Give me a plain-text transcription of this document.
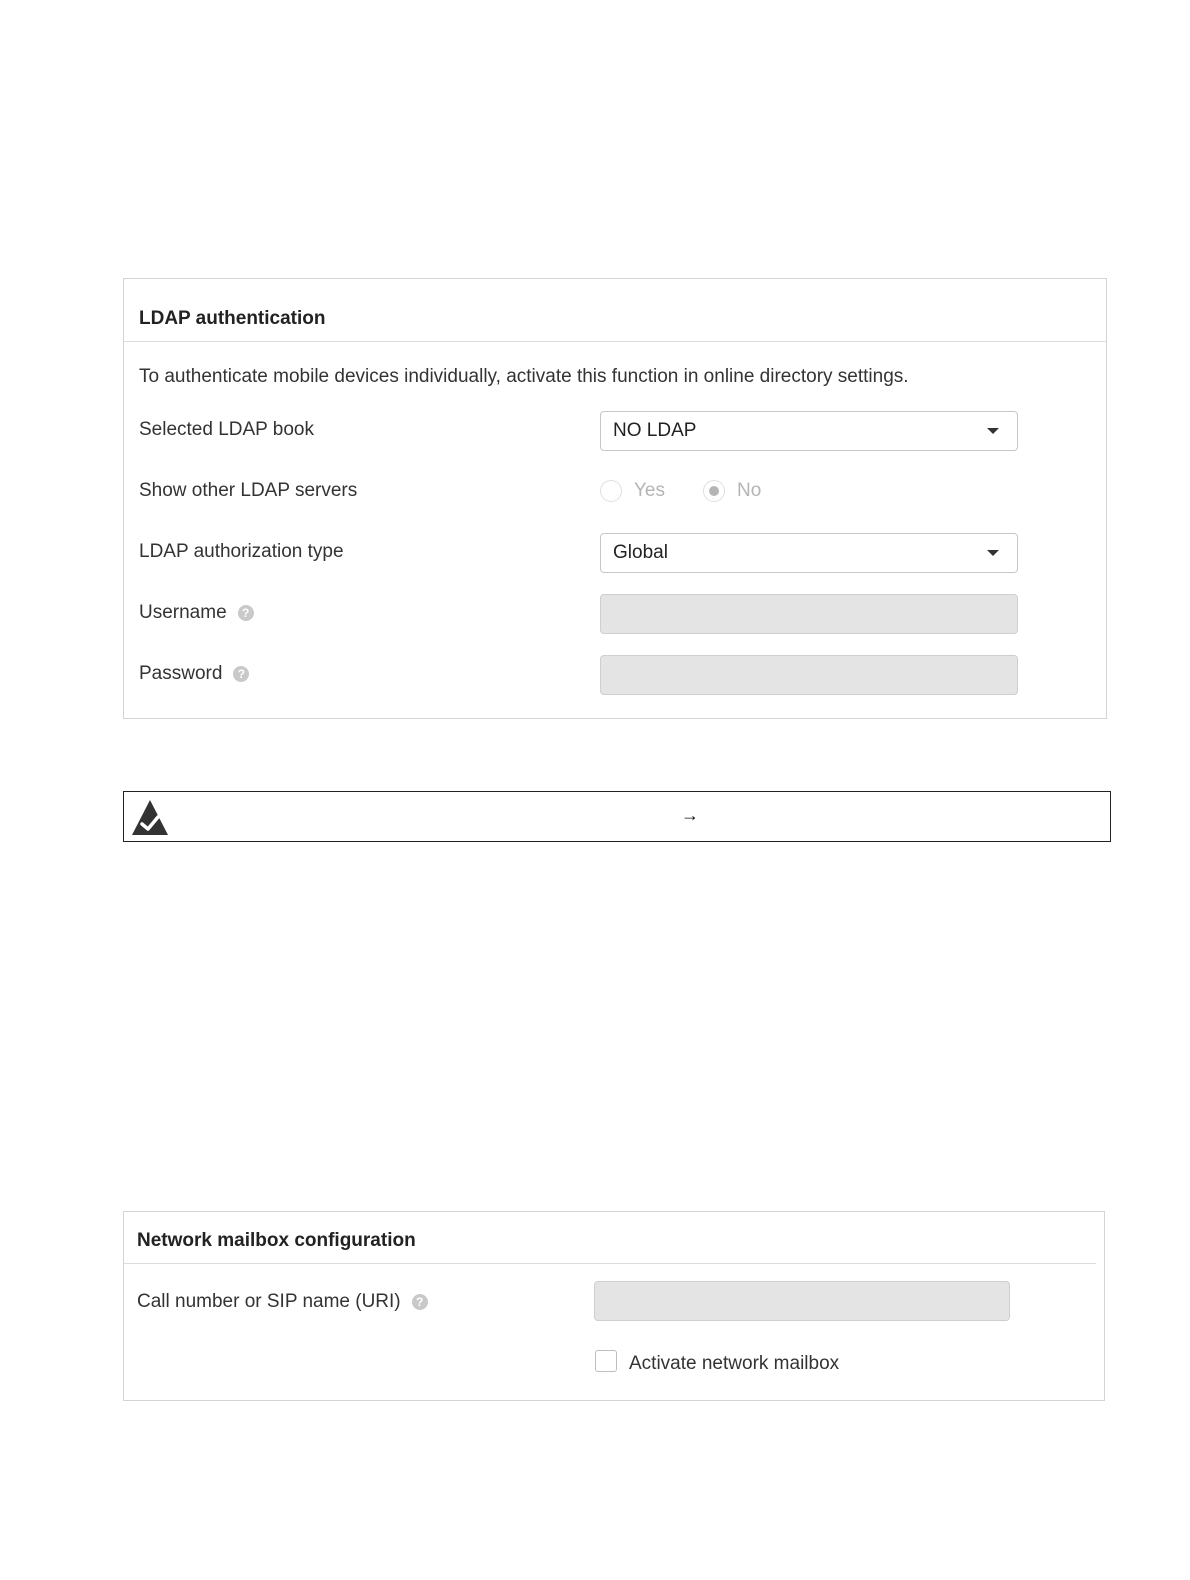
LDAP authentication
To authenticate mobile devices individually, activate this function in online directory settings.
Selected LDAP book	NO LDAP
Show other LDAP servers	Yes	No
LDAP authorization type	Global
Username	?
Password	?
→
Network mailbox configuration
Call number or SIP name (URI)	?
Activate network mailbox
